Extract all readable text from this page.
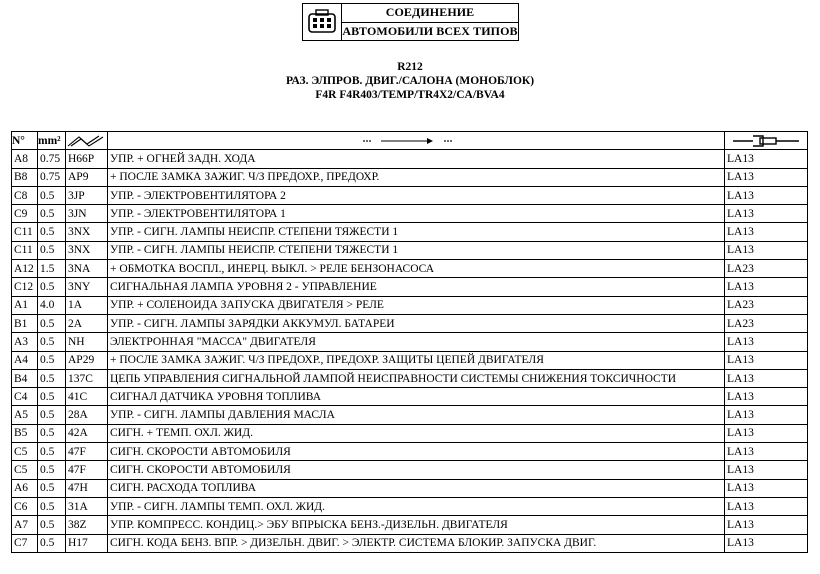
СОЕДИНЕНИЕ
АВТОМОБИЛИ ВСЕХ ТИПОВ
R212
РАЗ. ЭЛПРОВ. ДВИГ./САЛОНА (МОНОБЛОК)
F4R F4R403/TEMP/TR4X2/CA/BVA4
N°	mm²	

A8	0.75	H66P	УПР. + ОГНЕЙ ЗАДН. ХОДА	LA13
B8	0.75	AP9	+ ПОСЛЕ ЗАМКА ЗАЖИГ. Ч/З ПРЕДОХР., ПРЕДОХР.	LA13
C8	0.5	3JP	УПР. - ЭЛЕКТРОВЕНТИЛЯТОРА 2	LA13
C9	0.5	3JN	УПР. - ЭЛЕКТРОВЕНТИЛЯТОРА 1	LA13
C11	0.5	3NX	УПР. - СИГН. ЛАМПЫ НЕИСПР. СТЕПЕНИ ТЯЖЕСТИ 1	LA13
C11	0.5	3NX	УПР. - СИГН. ЛАМПЫ НЕИСПР. СТЕПЕНИ ТЯЖЕСТИ 1	LA13
A12	1.5	3NA	+ ОБМОТКА ВОСПЛ., ИНЕРЦ. ВЫКЛ. > РЕЛЕ БЕНЗОНАСОСА	LA23
C12	0.5	3NY	СИГНАЛЬНАЯ ЛАМПА УРОВНЯ 2 - УПРАВЛЕНИЕ	LA13
A1	4.0	1A	УПР. + СОЛЕНОИДА ЗАПУСКА ДВИГАТЕЛЯ > РЕЛЕ	LA23
B1	0.5	2A	УПР. - СИГН. ЛАМПЫ ЗАРЯДКИ АККУМУЛ. БАТАРЕИ	LA23
A3	0.5	NH	ЭЛЕКТРОННАЯ "МАССА" ДВИГАТЕЛЯ	LA13
A4	0.5	AP29	+ ПОСЛЕ ЗАМКА ЗАЖИГ. Ч/З ПРЕДОХР., ПРЕДОХР. ЗАЩИТЫ ЦЕПЕЙ ДВИГАТЕЛЯ	LA13
B4	0.5	137C	ЦЕПЬ УПРАВЛЕНИЯ СИГНАЛЬНОЙ ЛАМПОЙ НЕИСПРАВНОСТИ СИСТЕМЫ СНИЖЕНИЯ ТОКСИЧНОСТИ	LA13
C4	0.5	41C	СИГНАЛ ДАТЧИКА УРОВНЯ ТОПЛИВА	LA13
A5	0.5	28A	УПР. - СИГН. ЛАМПЫ ДАВЛЕНИЯ МАСЛА	LA13
B5	0.5	42A	СИГН. + ТЕМП. ОХЛ. ЖИД.	LA13
C5	0.5	47F	СИГН. СКОРОСТИ АВТОМОБИЛЯ	LA13
C5	0.5	47F	СИГН. СКОРОСТИ АВТОМОБИЛЯ	LA13
A6	0.5	47H	СИГН. РАСХОДА ТОПЛИВА	LA13
C6	0.5	31A	УПР. - СИГН. ЛАМПЫ ТЕМП. ОХЛ. ЖИД.	LA13
A7	0.5	38Z	УПР. КОМПРЕСС. КОНДИЦ.> ЭБУ ВПРЫСКА БЕНЗ.-ДИЗЕЛЬН. ДВИГАТЕЛЯ	LA13
C7	0.5	H17	СИГН. КОДА БЕНЗ. ВПР. > ДИЗЕЛЬН. ДВИГ. > ЭЛЕКТР. СИСТЕМА БЛОКИР. ЗАПУСКА ДВИГ.	LA13
